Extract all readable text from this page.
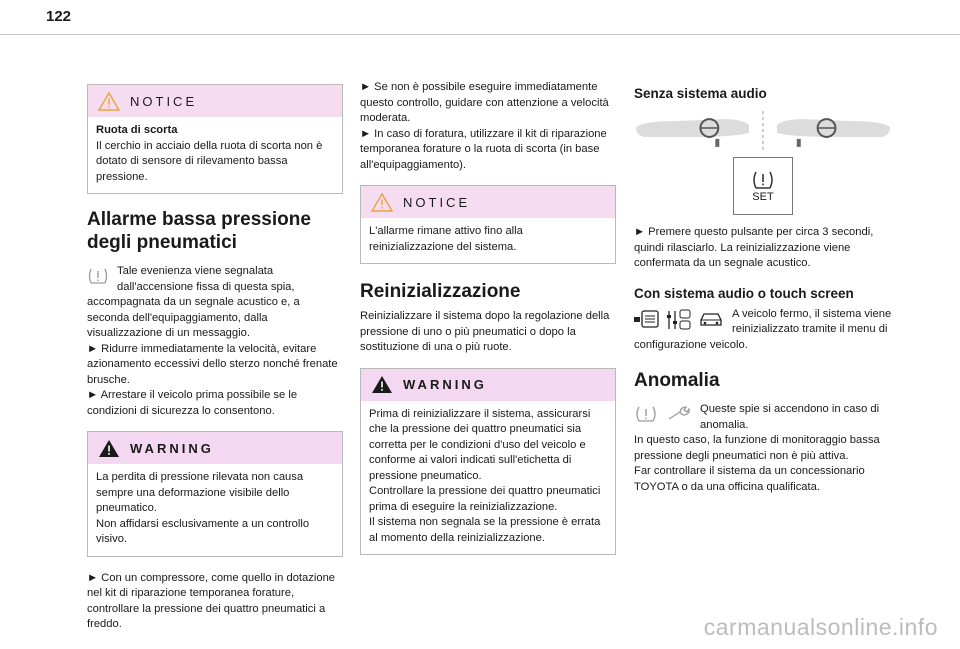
122
NOTICE
Ruota di scorta
Il cerchio in acciaio della ruota di scorta non è dotato di sensore di rilevamento bassa pressione.
Allarme bassa pressione degli pneumatici
Tale evenienza viene segnalata dall'accensione fissa di questa spia, accompagnata da un segnale acustico e, a seconda dell'equipaggiamento, dalla visualizzazione di un messaggio.
► Ridurre immediatamente la velocità, evitare azionamento eccessivi dello sterzo nonché frenate brusche.
► Arrestare il veicolo prima possibile se le condizioni di sicurezza lo consentono.
WARNING
La perdita di pressione rilevata non causa sempre una deformazione visibile dello pneumatico.
Non affidarsi esclusivamente a un controllo visivo.
► Con un compressore, come quello in dotazione nel kit di riparazione temporanea forature, controllare la pressione dei quattro pneumatici a freddo.
► Se non è possibile eseguire immediatamente questo controllo, guidare con attenzione a velocità moderata.
► In caso di foratura, utilizzare il kit di riparazione temporanea forature o la ruota di scorta (in base all'equipaggiamento).
NOTICE
L'allarme rimane attivo fino alla reinizializzazione del sistema.
Reinizializzazione
Reinizializzare il sistema dopo la regolazione della pressione di uno o più pneumatici o dopo la sostituzione di una o più ruote.
WARNING
Prima di reinizializzare il sistema, assicurarsi che la pressione dei quattro pneumatici sia corretta per le condizioni d'uso del veicolo e conforme ai valori indicati sull'etichetta di pressione pneumatico.
Controllare la pressione dei quattro pneumatici prima di eseguire la reinizializzazione.
Il sistema non segnala se la pressione è errata al momento della reinizializzazione.
Senza sistema audio
SET
► Premere questo pulsante per circa 3 secondi, quindi rilasciarlo. La reinizializzazione viene confermata da un segnale acustico.
Con sistema audio o touch screen
A veicolo fermo, il sistema viene reinizializzato tramite il menu di configurazione veicolo.
Anomalia
Queste spie si accendono in caso di anomalia.
In questo caso, la funzione di monitoraggio bassa pressione degli pneumatici non è più attiva.
Far controllare il sistema da un concessionario TOYOTA o da una officina qualificata.
carmanualsonline.info
